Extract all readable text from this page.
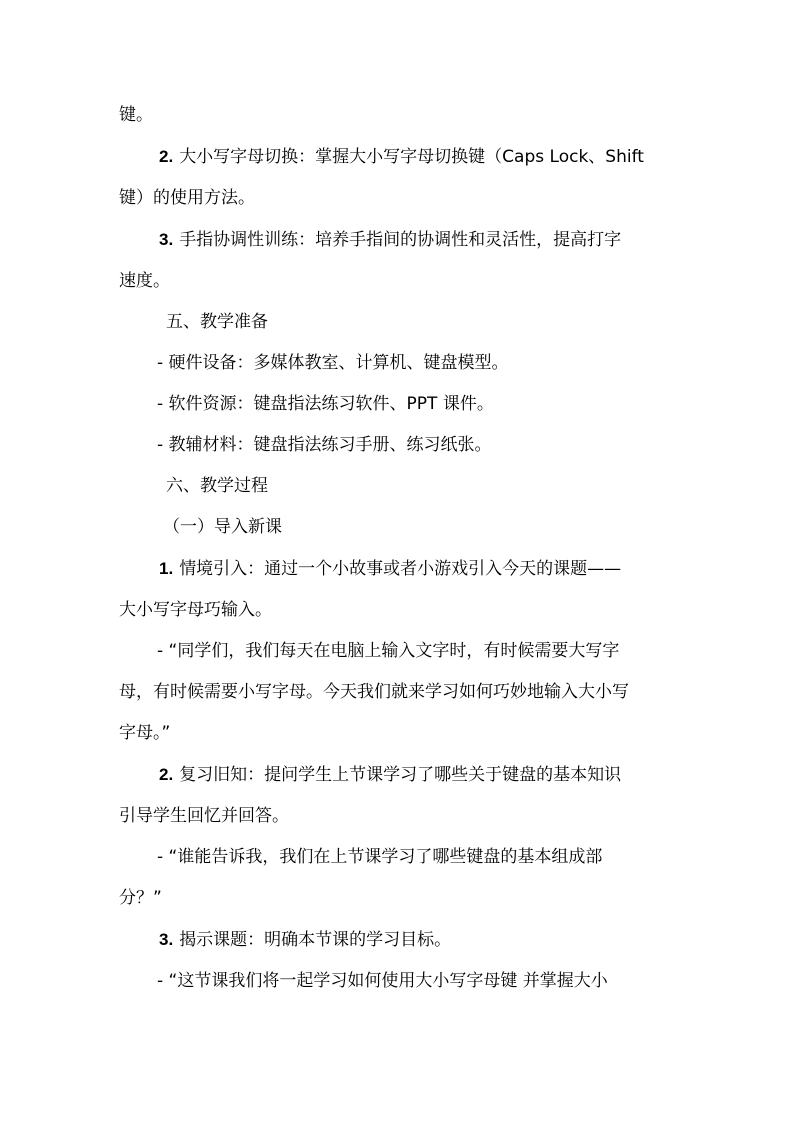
键。

2. 大小写字母切换：掌握大小写字母切换键（Caps Lock、Shift

键）的使用方法。

3. 手指协调性训练：培养手指间的协调性和灵活性，提高打字

速度。

五、教学准备

- 硬件设备：多媒体教室、计算机、键盘模型。

- 软件资源：键盘指法练习软件、PPT 课件。

- 教辅材料：键盘指法练习手册、练习纸张。

六、教学过程

（一）导入新课

1. 情境引入：通过一个小故事或者小游戏引入今天的课题——

大小写字母巧输入。

- “同学们，我们每天在电脑上输入文字时，有时候需要大写字

母，有时候需要小写字母。今天我们就来学习如何巧妙地输入大小写

字母。”

2. 复习旧知：提问学生上节课学习了哪些关于键盘的基本知识

引导学生回忆并回答。

- “谁能告诉我，我们在上节课学习了哪些键盘的基本组成部

分？”

3. 揭示课题：明确本节课的学习目标。

- “这节课我们将一起学习如何使用大小写字母键 并掌握大小
